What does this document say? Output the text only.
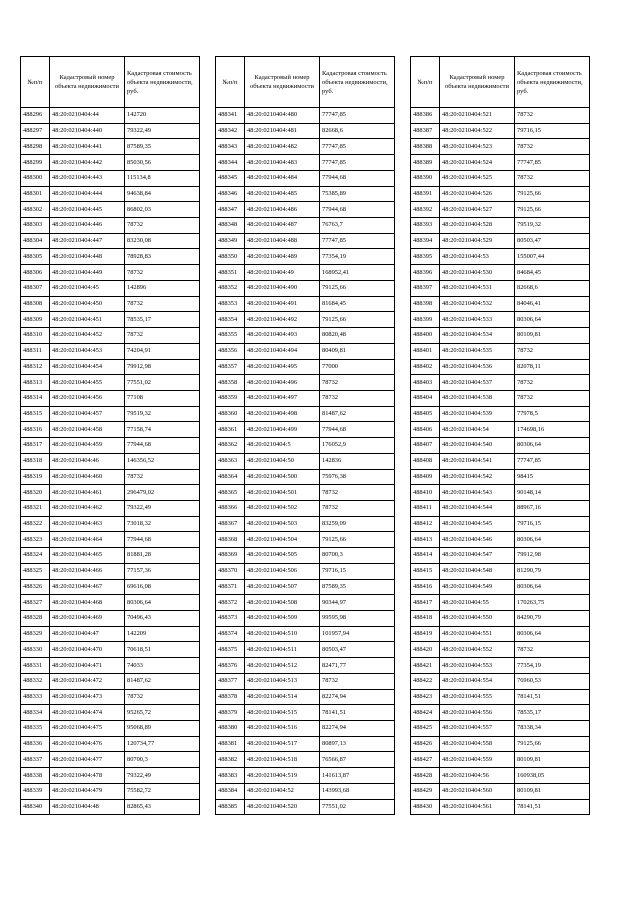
№п/п	Кадастровый номер объекта недвижимости	Кадастровая стоимость объекта недвижимости, руб.
488296	48:20:0210404:44	142720
488297	48:20:0210404:440	79322,49
488298	48:20:0210404:441	87589,35
488299	48:20:0210404:442	85030,56
488300	48:20:0210404:443	115134,8
488301	48:20:0210404:444	94638,84
488302	48:20:0210404:445	86802,03
488303	48:20:0210404:446	78732
488304	48:20:0210404:447	83230,08
488305	48:20:0210404:448	78928,83
488306	48:20:0210404:449	78732
488307	48:20:0210404:45	142896
488308	48:20:0210404:450	78732
488309	48:20:0210404:451	78535,17
488310	48:20:0210404:452	78732
488311	48:20:0210404:453	74204,91
488312	48:20:0210404:454	79912,98
488313	48:20:0210404:455	77551,02
488314	48:20:0210404:456	77108
488315	48:20:0210404:457	79519,32
488316	48:20:0210404:458	77158,74
488317	48:20:0210404:459	77944,68
488318	48:20:0210404:46	146356,52
488319	48:20:0210404:460	78732
488320	48:20:0210404:461	296479,02
488321	48:20:0210404:462	79322,49
488322	48:20:0210404:463	73018,32
488323	48:20:0210404:464	77944,68
488324	48:20:0210404:465	81881,28
488325	48:20:0210404:466	77157,36
488326	48:20:0210404:467	69616,08
488327	48:20:0210404:468	80306,64
488328	48:20:0210404:469	70496,43
488329	48:20:0210404:47	142209
488330	48:20:0210404:470	70618,51
488331	48:20:0210404:471	74033
488332	48:20:0210404:472	81487,62
488333	48:20:0210404:473	78732
488334	48:20:0210404:474	95265,72
488335	48:20:0210404:475	95068,89
488336	48:20:0210404:476	120734,77
488337	48:20:0210404:477	80700,3
488338	48:20:0210404:478	79322,49
488339	48:20:0210404:479	75582,72
488340	48:20:0210404:48	82865,43
№п/п	Кадастровый номер объекта недвижимости	Кадастровая стоимость объекта недвижимости, руб.
488341	48:20:0210404:480	77747,85
488342	48:20:0210404:481	82668,6
488343	48:20:0210404:482	77747,85
488344	48:20:0210404:483	77747,85
488345	48:20:0210404:484	77944,68
488346	48:20:0210404:485	75385,89
488347	48:20:0210404:486	77944,68
488348	48:20:0210404:487	76763,7
488349	48:20:0210404:488	77747,85
488350	48:20:0210404:489	77354,19
488351	48:20:0210404:49	168952,41
488352	48:20:0210404:490	79125,66
488353	48:20:0210404:491	81684,45
488354	48:20:0210404:492	79125,66
488355	48:20:0210404:493	80820,48
488356	48:20:0210404:494	80409,81
488357	48:20:0210404:495	77000
488358	48:20:0210404:496	78732
488359	48:20:0210404:497	78732
488360	48:20:0210404:498	81487,62
488361	48:20:0210404:499	77944,68
488362	48:20:0210404:5	176052,9
488363	48:20:0210404:50	142836
488364	48:20:0210404:500	75976,38
488365	48:20:0210404:501	78732
488366	48:20:0210404:502	78732
488367	48:20:0210404:503	83259,09
488368	48:20:0210404:504	79125,66
488369	48:20:0210404:505	80700,3
488370	48:20:0210404:506	79716,15
488371	48:20:0210404:507	87589,35
488372	48:20:0210404:508	90344,97
488373	48:20:0210404:509	99595,98
488374	48:20:0210404:510	101957,94
488375	48:20:0210404:511	80503,47
488376	48:20:0210404:512	82471,77
488377	48:20:0210404:513	78732
488378	48:20:0210404:514	82274,94
488379	48:20:0210404:515	78141,51
488380	48:20:0210404:516	82274,94
488381	48:20:0210404:517	80897,13
488382	48:20:0210404:518	76566,87
488383	48:20:0210404:519	141613,87
488384	48:20:0210404:52	143993,68
488385	48:20:0210404:520	77551,02
№п/п	Кадастровый номер объекта недвижимости	Кадастровая стоимость объекта недвижимости, руб.
488386	48:20:0210404:521	78732
488387	48:20:0210404:522	79716,15
488388	48:20:0210404:523	78732
488389	48:20:0210404:524	77747,85
488390	48:20:0210404:525	78732
488391	48:20:0210404:526	79125,66
488392	48:20:0210404:527	79125,66
488393	48:20:0210404:528	79519,32
488394	48:20:0210404:529	80503,47
488395	48:20:0210404:53	155007,44
488396	48:20:0210404:530	84684,45
488397	48:20:0210404:531	82668,6
488398	48:20:0210404:532	84046,41
488399	48:20:0210404:533	80306,64
488400	48:20:0210404:534	80109,81
488401	48:20:0210404:535	78732
488402	48:20:0210404:536	82078,11
488403	48:20:0210404:537	78732
488404	48:20:0210404:538	78732
488405	48:20:0210404:539	77978,5
488406	48:20:0210404:54	174698,16
488407	48:20:0210404:540	80306,64
488408	48:20:0210404:541	77747,85
488409	48:20:0210404:542	98415
488410	48:20:0210404:543	90148,14
488411	48:20:0210404:544	88967,16
488412	48:20:0210404:545	79716,15
488413	48:20:0210404:546	80306,64
488414	48:20:0210404:547	79912,98
488415	48:20:0210404:548	81290,79
488416	48:20:0210404:549	80306,64
488417	48:20:0210404:55	170263,75
488418	48:20:0210404:550	84290,79
488419	48:20:0210404:551	80306,64
488420	48:20:0210404:552	78732
488421	48:20:0210404:553	77354,19
488422	48:20:0210404:554	76960,53
488423	48:20:0210404:555	78141,51
488424	48:20:0210404:556	78535,17
488425	48:20:0210404:557	78338,34
488426	48:20:0210404:558	79125,66
488427	48:20:0210404:559	80109,81
488428	48:20:0210404:56	160938,05
488429	48:20:0210404:560	80109,81
488430	48:20:0210404:561	78141,51
